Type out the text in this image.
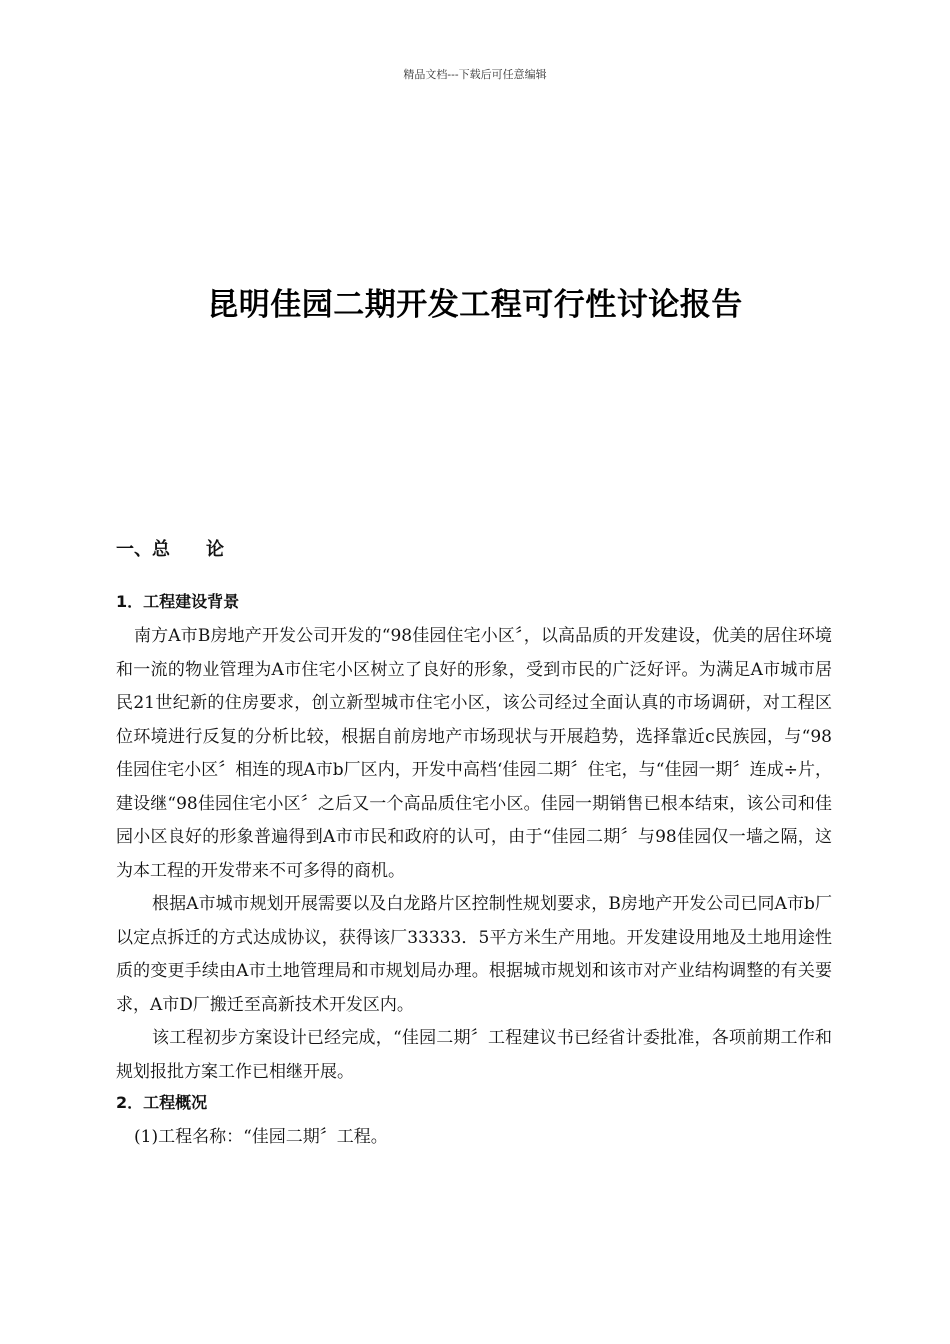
精品文档---下载后可任意编辑
昆明佳园二期开发工程可行性讨论报告
一、总　　论
1．工程建设背景

南方A市B房地产开发公司开发的“98佳园住宅小区〞，以高品质的开发建设，优美的居住环境和一流的物业管理为A市住宅小区树立了良好的形象，受到市民的广泛好评。为满足A市城市居民21世纪新的住房要求，创立新型城市住宅小区，该公司经过全面认真的市场调研，对工程区位环境进行反复的分析比较，根据自前房地产市场现状与开展趋势，选择靠近c民族园，与“98佳园住宅小区〞相连的现A市b厂区内，开发中高档‘佳园二期〞住宅，与“佳园一期〞连成÷片，建设继“98佳园住宅小区〞之后又一个高品质住宅小区。佳园一期销售已根本结束，该公司和佳园小区良好的形象普遍得到A市市民和政府的认可，由于“佳园二期〞与98佳园仅一墙之隔，这为本工程的开发带来不可多得的商机。

根据A市城市规划开展需要以及白龙路片区控制性规划要求，B房地产开发公司已同A市b厂以定点拆迁的方式达成协议，获得该厂33333．5平方米生产用地。开发建设用地及土地用途性质的变更手续由A市土地管理局和市规划局办理。根据城市规划和该市对产业结构调整的有关要求，A市D厂搬迁至高新技术开发区内。

该工程初步方案设计已经完成，“佳园二期〞工程建议书已经省计委批准，各项前期工作和规划报批方案工作已相继开展。

2．工程概况

(1)工程名称：“佳园二期〞工程。
